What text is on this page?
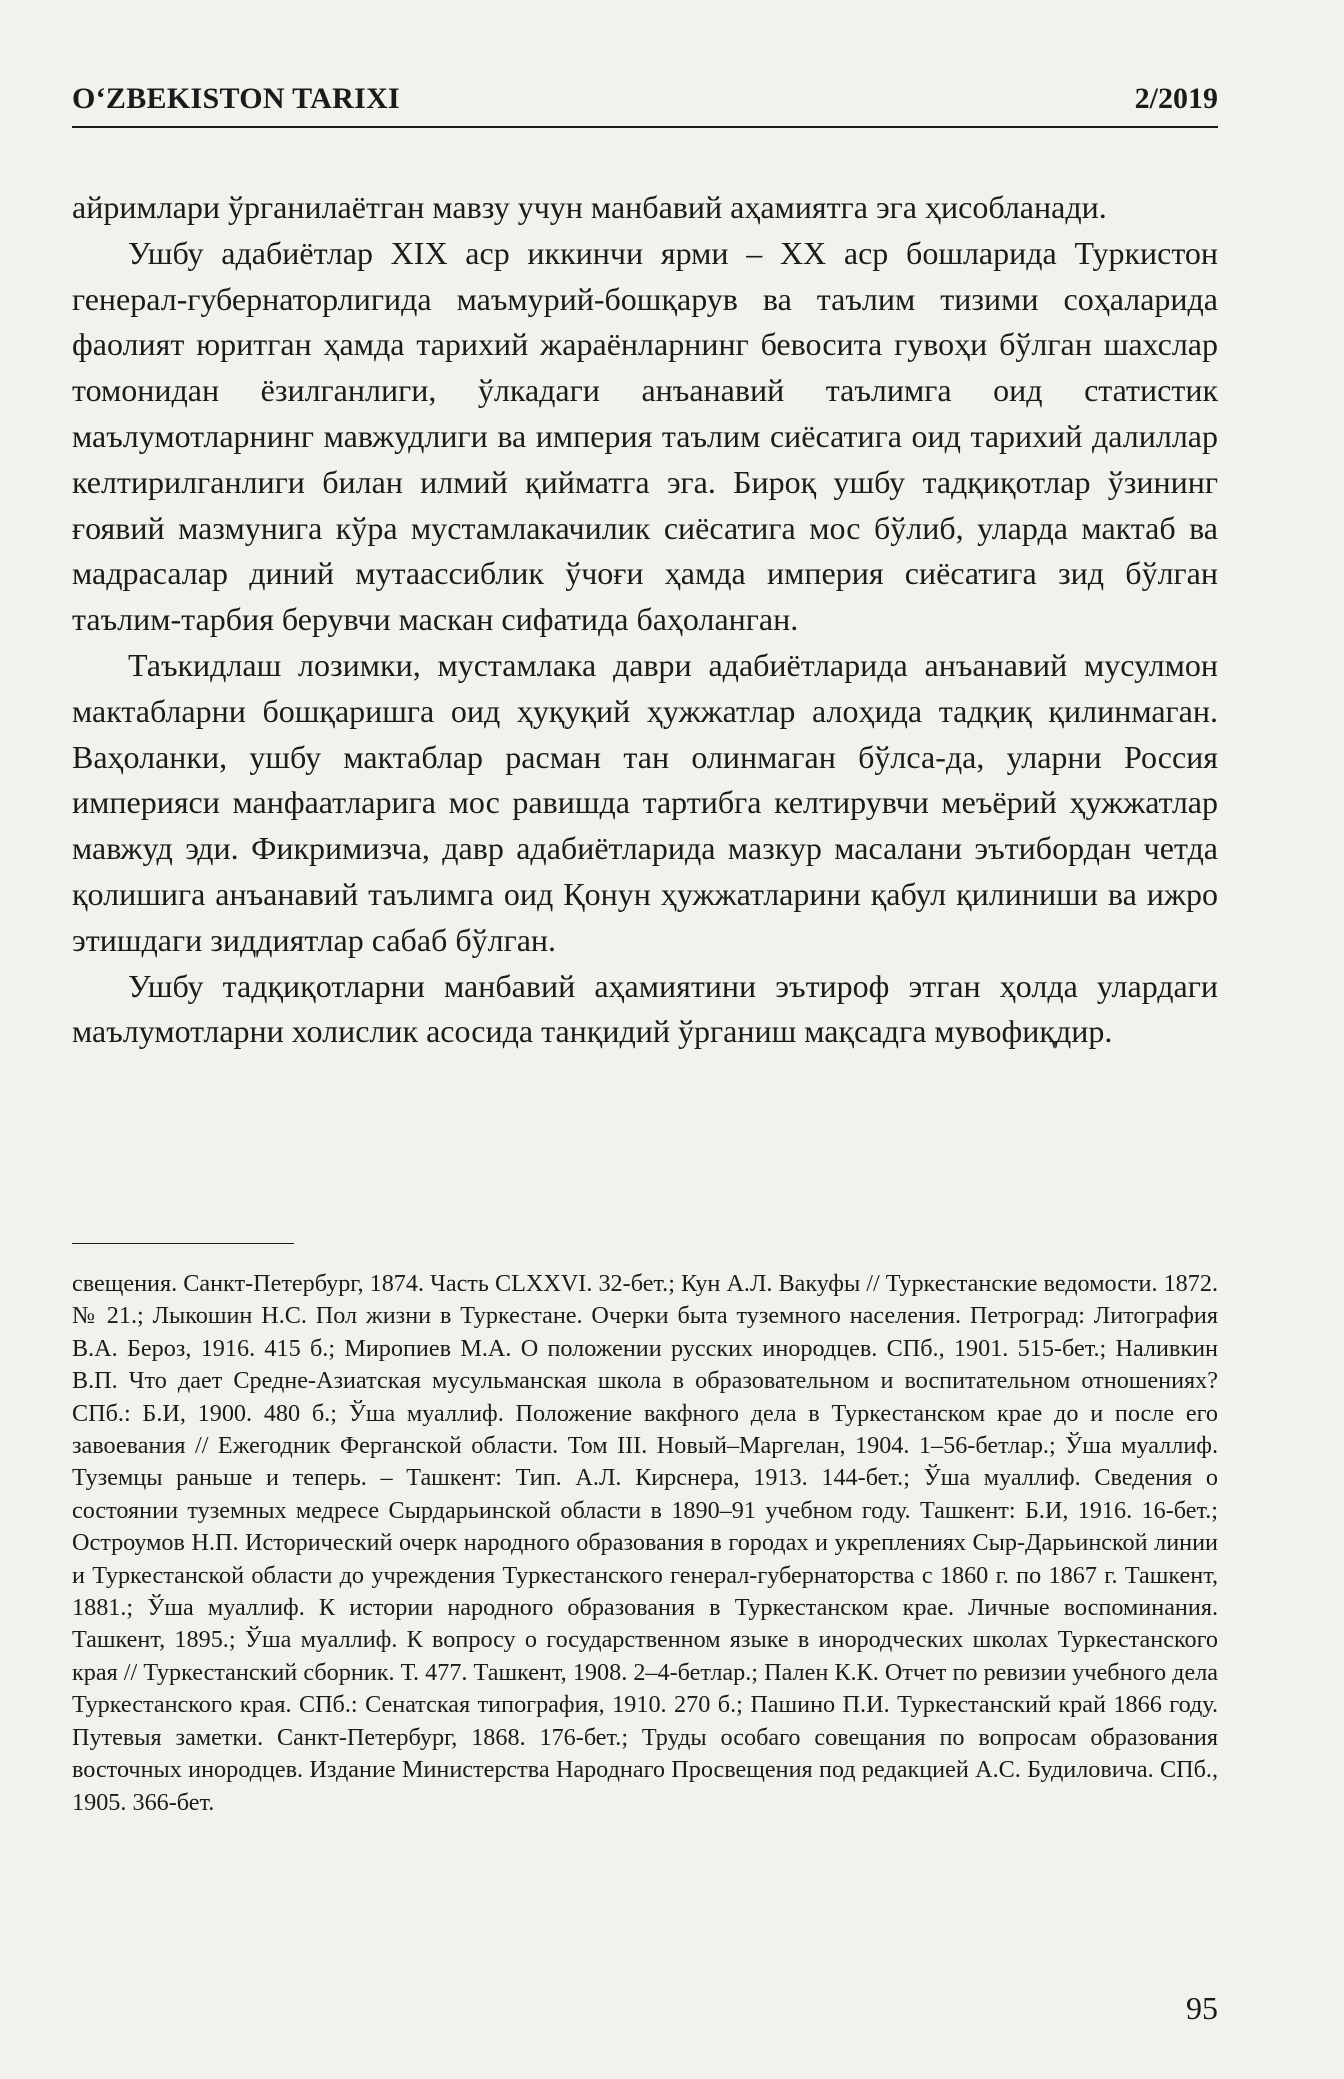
O‘ZBEKISTON TARIXI	2/2019

айримлари ўрганилаётган мавзу учун манбавий аҳамиятга эга ҳисобланади.

Ушбу адабиётлар XIX аср иккинчи ярми – XX аср бошларида Туркистон генерал-губернаторлигида маъмурий-бошқарув ва таълим тизими соҳаларида фаолият юритган ҳамда тарихий жараёнларнинг бевосита гувоҳи бўлган шахслар томонидан ёзилганлиги, ўлкадаги анъанавий таълимга оид статистик маълумотларнинг мавжудлиги ва империя таълим сиёсатига оид тарихий далиллар келтирилганлиги билан илмий қийматга эга. Бироқ ушбу тадқиқотлар ўзининг ғоявий мазмунига кўра мустамлакачилик сиёсатига мос бўлиб, уларда мактаб ва мадрасалар диний мутаассиблик ўчоғи ҳамда империя сиёсатига зид бўлган таълим-тарбия берувчи маскан сифатида баҳоланган.

Таъкидлаш лозимки, мустамлака даври адабиётларида анъанавий мусулмон мактабларни бошқаришга оид ҳуқуқий ҳужжатлар алоҳида тадқиқ қилинмаган. Ваҳоланки, ушбу мактаблар расман тан олинмаган бўлса-да, уларни Россия империяси манфаатларига мос равишда тартибга келтирувчи меъёрий ҳужжатлар мавжуд эди. Фикримизча, давр адабиётларида мазкур масалани эътибордан четда қолишига анъанавий таълимга оид Қонун ҳужжатларини қабул қилиниши ва ижро этишдаги зиддиятлар сабаб бўлган.

Ушбу тадқиқотларни манбавий аҳамиятини эътироф этган ҳолда улардаги маълумотларни холислик асосида танқидий ўрганиш мақсадга мувофиқдир.

свещения. Санкт-Петербург, 1874. Часть CLXXVI. 32-бет.; Кун А.Л. Вакуфы // Туркестанские ведомости. 1872. № 21.; Лыкошин Н.С. Пол жизни в Туркестане. Очерки быта туземного населения. Петроград: Литография В.А. Бероз, 1916. 415 б.; Миропиев М.А. О положении русских инородцев. СПб., 1901. 515-бет.; Наливкин В.П. Что дает Средне-Азиатская мусульманская школа в образовательном и воспитательном отношениях? СПб.: Б.И, 1900. 480 б.; Ўша муаллиф. Положение вакфного дела в Туркестанском крае до и после его завоевания // Ежегодник Ферганской области. Том III. Новый–Маргелан, 1904. 1–56-бетлар.; Ўша муаллиф. Туземцы раньше и теперь. – Ташкент: Тип. А.Л. Кирснера, 1913. 144-бет.; Ўша муаллиф. Сведения о состоянии туземных медресе Сырдарьинской области в 1890–91 учебном году. Ташкент: Б.И, 1916. 16-бет.; Остроумов Н.П. Исторический очерк народного образования в городах и укреплениях Сыр-Дарьинской линии и Туркестанской области до учреждения Туркестанского генерал-губернаторства с 1860 г. по 1867 г. Ташкент, 1881.; Ўша муаллиф. К истории народного образования в Туркестанском крае. Личные воспоминания. Ташкент, 1895.; Ўша муаллиф. К вопросу о государственном языке в инородческих школах Туркестанского края // Туркестанский сборник. Т. 477. Ташкент, 1908. 2–4-бетлар.; Пален К.К. Отчет по ревизии учебного дела Туркестанского края. СПб.: Сенатская типография, 1910. 270 б.; Пашино П.И. Туркестанский край 1866 году. Путевыя заметки. Санкт-Петербург, 1868. 176-бет.; Труды особаго совещания по вопросам образования восточных инородцев. Издание Министерства Народнаго Просвещения под редакцией А.С. Будиловича. СПб., 1905. 366-бет.

95
